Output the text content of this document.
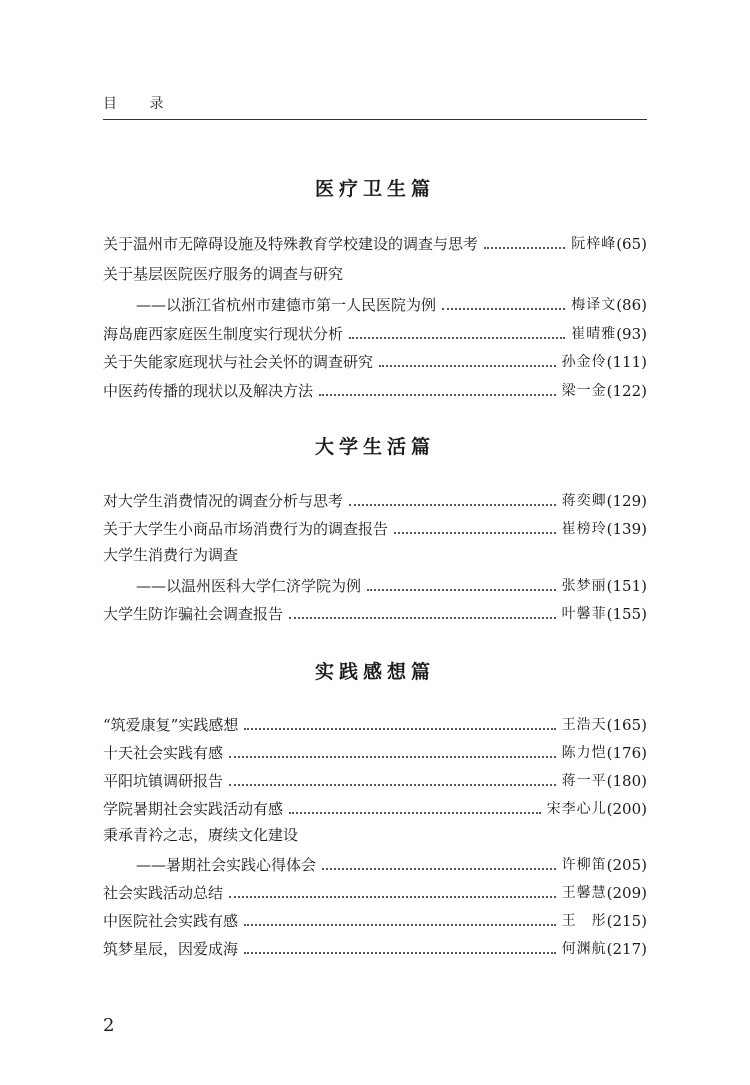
目 录
医疗卫生篇
关于温州市无障碍设施及特殊教育学校建设的调查与思考	阮梓峰 (65)
关于基层医院医疗服务的调查与研究
——以浙江省杭州市建德市第一人民医院为例	梅译文 (86)
海岛鹿西家庭医生制度实行现状分析	崔晴雅 (93)
关于失能家庭现状与社会关怀的调查研究	孙金伶 (111)
中医药传播的现状以及解决方法	梁一金 (122)
大学生活篇
对大学生消费情况的调查分析与思考	蒋奕卿 (129)
关于大学生小商品市场消费行为的调查报告	崔榜玲 (139)
大学生消费行为调查
——以温州医科大学仁济学院为例	张梦丽 (151)
大学生防诈骗社会调查报告	叶馨菲 (155)
实践感想篇
“筑爱康复”实践感想	王浩天 (165)
十天社会实践有感	陈力恺 (176)
平阳坑镇调研报告	蒋一平 (180)
学院暑期社会实践活动有感	宋李心儿 (200)
秉承青衿之志，赓续文化建设
——暑期社会实践心得体会	许柳笛 (205)
社会实践活动总结	王馨慧 (209)
中医院社会实践有感	王　彤 (215)
筑梦星辰，因爱成海	何渊航 (217)
2
